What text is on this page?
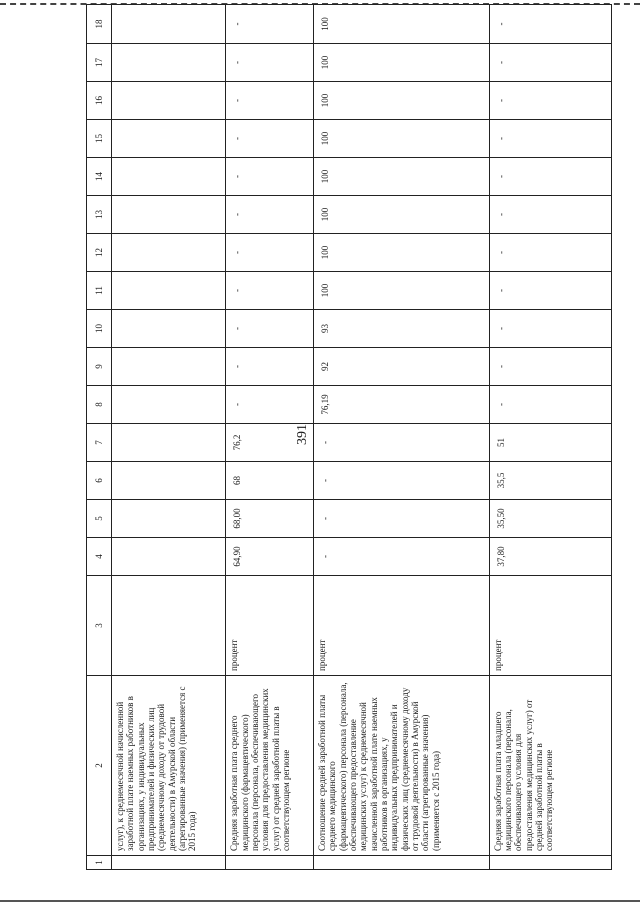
391
1	2	3	4	5	6	7	8	9	10	11	12	13	14	15	16	17	18
	услуг), к среднемесячной начисленной заработной плате наемных работников в организациях, у индивидуальных предпринимателей и физических лиц (среднемесячному доходу от трудовой деятельности) в Амурской области (агрегированные значения) (применяется с 2015 года)																
	Средняя заработная плата среднего медицинского (фармацевтического) персонала (персонала, обеспечивающего условия для предоставления медицинских услуг) от средней заработной платы в соответствующем регионе	процент	64,90	68,00	68	76,2	-	-	-	-	-	-	-	-	-	-	-
	Соотношение средней заработной платы среднего медицинского (фармацевтического) персонала (персонала, обеспечивающего предоставление медицинских услуг) к среднемесячной начисленной заработной плате наемных работников в организациях, у индивидуальных предпринимателей и физических лиц (среднемесячному доходу от трудовой деятельности) в Амурской области (агрегированные значения) (применяется с 2015 года)	процент	-	-	-	-	76,19	92	93	100	100	100	100	100	100	100	100
	Средняя заработная плата младшего медицинского персонала (персонала, обеспечивающего условия для предоставления медицинских услуг) от средней заработной платы в соответствующем регионе	процент	37,80	35,50	35,5	51	-	-	-	-	-	-	-	-	-	-	-
